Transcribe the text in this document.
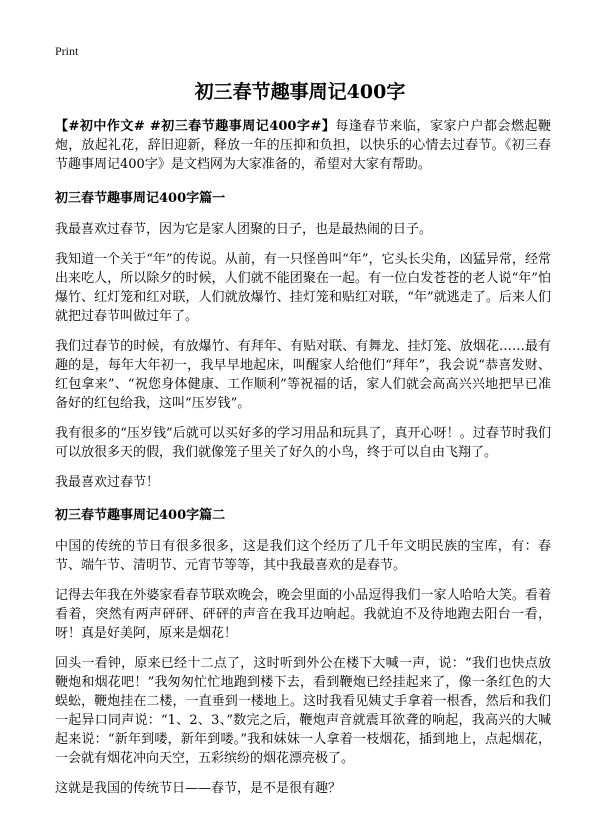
Print
初三春节趣事周记400字

【#初中作文# #初三春节趣事周记400字#】每逢春节来临，家家户户都会燃起鞭炮，放起礼花，辞旧迎新，释放一年的压抑和负担，以快乐的心情去过春节。《初三春节趣事周记400字》是文档网为大家准备的，希望对大家有帮助。

初三春节趣事周记400字篇一

我最喜欢过春节，因为它是家人团聚的日子，也是最热闹的日子。

我知道一个关于“年”的传说。从前，有一只怪兽叫“年”，它头长尖角，凶猛异常，经常出来吃人，所以除夕的时候，人们就不能团聚在一起。有一位白发苍苍的老人说“年”怕爆竹、红灯笼和红对联，人们就放爆竹、挂灯笼和贴红对联，“年”就逃走了。后来人们就把过春节叫做过年了。

我们过春节的时候，有放爆竹、有拜年、有贴对联、有舞龙、挂灯笼、放烟花……最有趣的是，每年大年初一，我早早地起床，叫醒家人给他们“拜年”，我会说“恭喜发财、红包拿来”、“祝您身体健康、工作顺利”等祝福的话，家人们就会高高兴兴地把早已准备好的红包给我，这叫“压岁钱”。

我有很多的“压岁钱”后就可以买好多的学习用品和玩具了，真开心呀！。过春节时我们可以放很多天的假，我们就像笼子里关了好久的小鸟，终于可以自由飞翔了。

我最喜欢过春节！

初三春节趣事周记400字篇二

中国的传统的节日有很多很多，这是我们这个经历了几千年文明民族的宝库，有：春节、端午节、清明节、元宵节等等，其中我最喜欢的是春节。

记得去年我在外婆家看春节联欢晚会，晚会里面的小品逗得我们一家人哈哈大笑。看着看着，突然有两声砰砰、砰砰的声音在我耳边响起。我就迫不及待地跑去阳台一看，呀！真是好美阿，原来是烟花！

回头一看钟，原来已经十二点了，这时听到外公在楼下大喊一声，说：“我们也快点放鞭炮和烟花吧！”我匆匆忙忙地跑到楼下去，看到鞭炮已经挂起来了，像一条红色的大蜈蚣，鞭炮挂在二楼，一直垂到一楼地上。这时我看见姨丈手拿着一根香，然后和我们一起异口同声说：“1、2、3、”数完之后，鞭炮声音就震耳欲聋的响起，我高兴的大喊起来说：“新年到喽，新年到喽。”我和妹妹一人拿着一枝烟花，插到地上，点起烟花，一会就有烟花冲向天空，五彩缤纷的烟花漂亮极了。

这就是我国的传统节日——春节，是不是很有趣？
